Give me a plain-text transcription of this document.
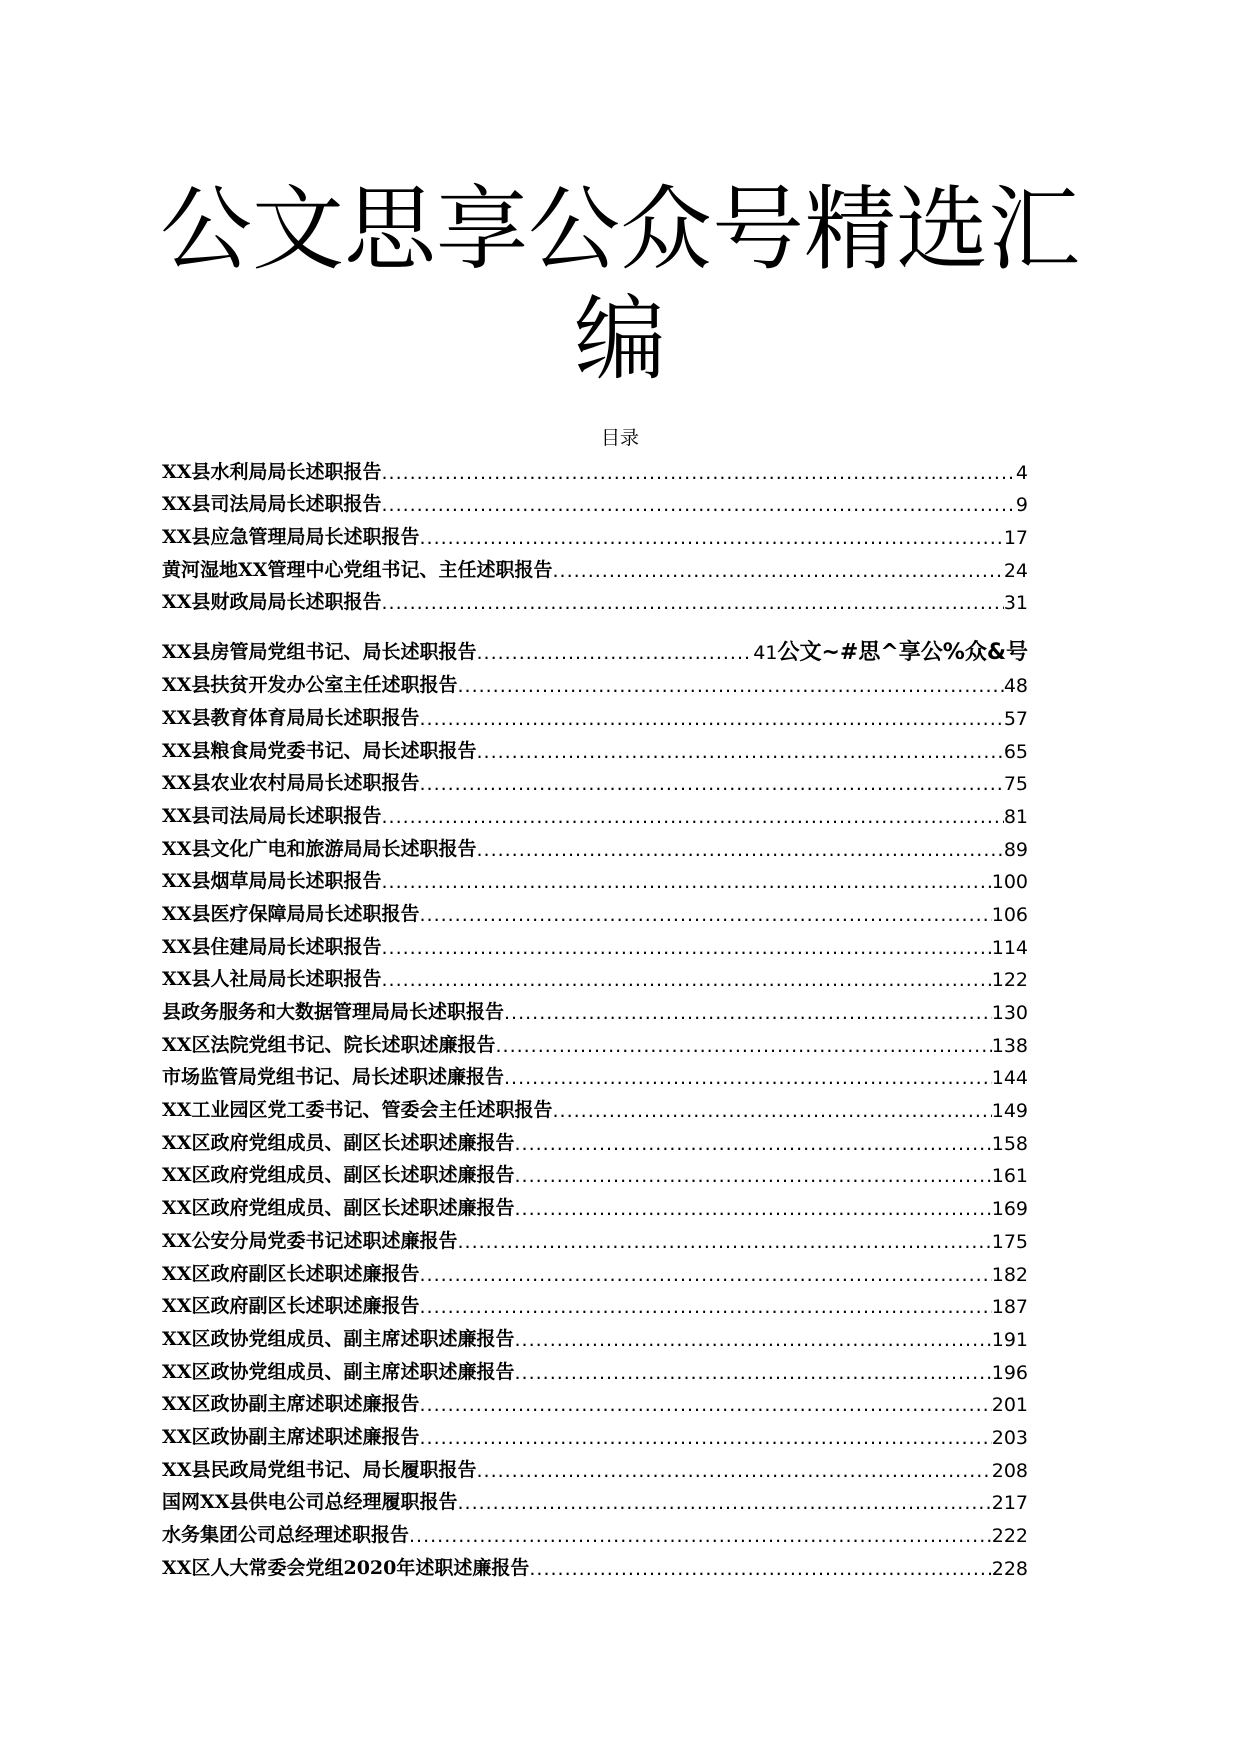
公文思享公众号精选汇
编
目录
XX县水利局局长述职报告 .....	4
XX县司法局局长述职报告 .....	9
XX县应急管理局局长述职报告 .....	17
黄河湿地XX管理中心党组书记、主任述职报告 .....	24
XX县财政局局长述职报告 .....	31
XX县房管局党组书记、局长述职报告 .....	41 公文~#思^享公%众&号
XX县扶贫开发办公室主任述职报告 .....	48
XX县教育体育局局长述职报告 .....	57
XX县粮食局党委书记、局长述职报告 .....	65
XX县农业农村局局长述职报告 .....	75
XX县司法局局长述职报告 .....	81
XX县文化广电和旅游局局长述职报告 .....	89
XX县烟草局局长述职报告 .....	100
XX县医疗保障局局长述职报告 .....	106
XX县住建局局长述职报告 .....	114
XX县人社局局长述职报告 .....	122
县政务服务和大数据管理局局长述职报告 .....	130
XX区法院党组书记、院长述职述廉报告 .....	138
市场监管局党组书记、局长述职述廉报告 .....	144
XX工业园区党工委书记、管委会主任述职报告 .....	149
XX区政府党组成员、副区长述职述廉报告 .....	158
XX区政府党组成员、副区长述职述廉报告 .....	161
XX区政府党组成员、副区长述职述廉报告 .....	169
XX公安分局党委书记述职述廉报告 .....	175
XX区政府副区长述职述廉报告 .....	182
XX区政府副区长述职述廉报告 .....	187
XX区政协党组成员、副主席述职述廉报告 .....	191
XX区政协党组成员、副主席述职述廉报告 .....	196
XX区政协副主席述职述廉报告 .....	201
XX区政协副主席述职述廉报告 .....	203
XX县民政局党组书记、局长履职报告 .....	208
国网XX县供电公司总经理履职报告 .....	217
水务集团公司总经理述职报告 .....	222
XX区人大常委会党组2020年述职述廉报告 .....	228
